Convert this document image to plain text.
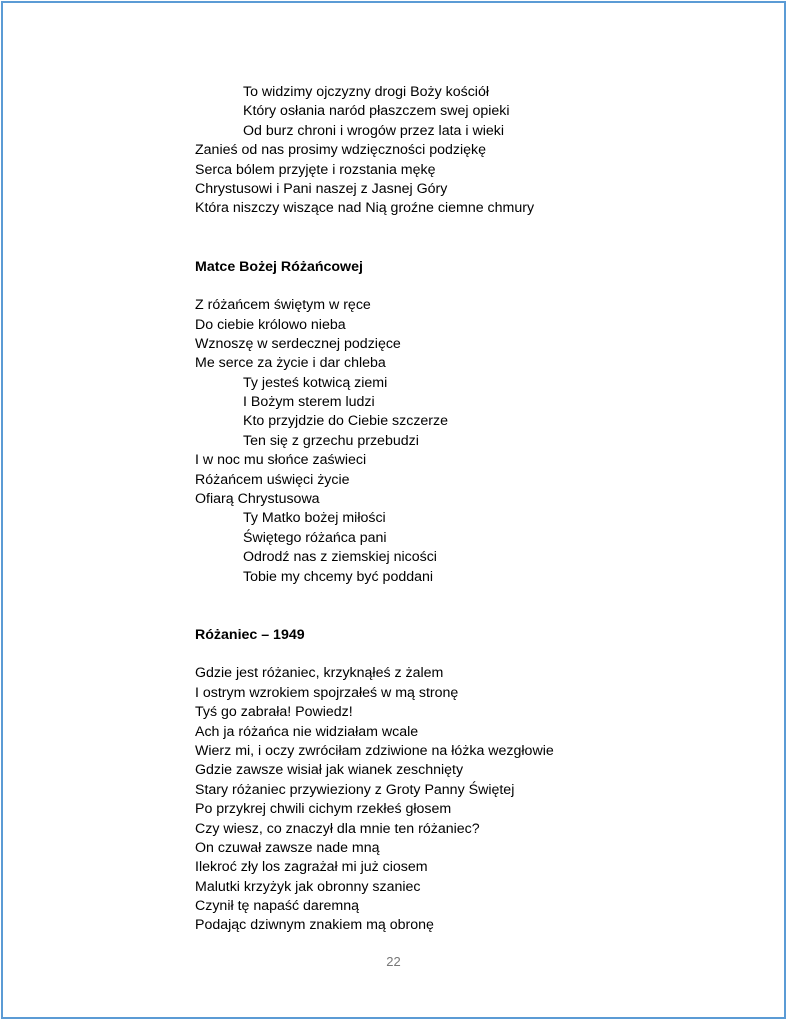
To widzimy ojczyzny drogi Boży kościół
Który osłania naród płaszczem swej opieki
Od burz chroni i wrogów przez lata i wieki
Zanieś od nas prosimy wdzięczności podziękę
Serca bólem przyjęte i rozstania mękę
Chrystusowi i Pani naszej z Jasnej Góry
Która niszczy wiszące nad Nią groźne ciemne chmury
Matce Bożej Różańcowej
Z różańcem świętym w ręce
Do ciebie królowo nieba
Wznoszę w serdecznej podzięce
Me serce za życie i dar chleba
Ty jesteś kotwicą ziemi
I Bożym sterem ludzi
Kto przyjdzie do Ciebie szczerze
Ten się z grzechu przebudzi
I w noc mu słońce zaświeci
Różańcem uświęci życie
Ofiarą Chrystusowa
Ty Matko bożej miłości
Świętego różańca pani
Odrodź nas z ziemskiej nicości
Tobie my chcemy być poddani
Różaniec – 1949
Gdzie jest różaniec, krzyknąłeś z żalem
I ostrym wzrokiem spojrzałeś w mą stronę
Tyś go zabrała! Powiedz!
Ach ja różańca nie widziałam wcale
Wierz mi, i oczy zwróciłam zdziwione na łóżka wezgłowie
Gdzie zawsze wisiał jak wianek zeschnięty
Stary różaniec przywieziony z Groty Panny Świętej
Po przykrej chwili cichym rzekłeś głosem
Czy wiesz, co znaczył dla mnie ten różaniec?
On czuwał zawsze nade mną
Ilekroć zły los zagrażał mi już ciosem
Malutki krzyżyk jak obronny szaniec
Czynił tę napaść daremną
Podając dziwnym znakiem mą obronę
22
